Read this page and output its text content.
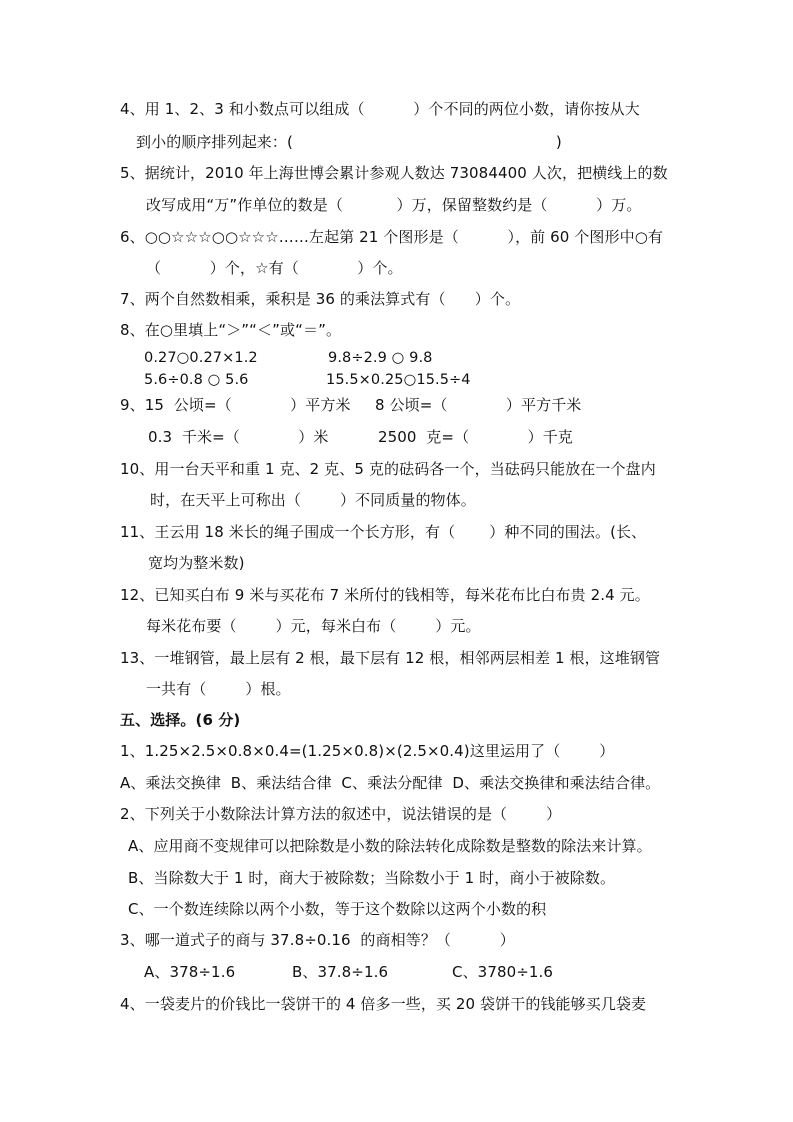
4、用 1、2、3 和小数点可以组成（          ）个不同的两位小数，请你按从大
到小的顺序排列起来：(                                                      )
5、据统计，2010 年上海世博会累计参观人数达 73084400 人次，把横线上的数
改写成用“万”作单位的数是（           ）万，保留整数约是（          ）万。
6、○○☆☆☆○○☆☆☆……左起第 21 个图形是（          ），前 60 个图形中○有
（          ）个，☆有（            ）个。
7、两个自然数相乘，乘积是 36 的乘法算式有（      ）个。
8、在○里填上“＞”“＜”或“＝”。
0.27○0.27×1.2	9.8÷2.9 ○ 9.8
5.6÷0.8 ○ 5.6	15.5×0.25○15.5÷4
9、15  公顷=（            ）平方米 8 公顷=（            ）平方千米
0.3  千米=（            ）米	2500  克=（            ）千克
10、用一台天平和重 1 克、2 克、5 克的砝码各一个，当砝码只能放在一个盘内
时，在天平上可称出（        ）不同质量的物体。
11、王云用 18 米长的绳子围成一个长方形，有（       ）种不同的围法。(长、
宽均为整米数)
12、已知买白布 9 米与买花布 7 米所付的钱相等，每米花布比白布贵 2.4 元。
每米花布要（        ）元，每米白布（        ）元。
13、一堆钢管，最上层有 2 根，最下层有 12 根，相邻两层相差 1 根，这堆钢管
一共有（        ）根。
五、选择。(6 分)
1、1.25×2.5×0.8×0.4=(1.25×0.8)×(2.5×0.4)这里运用了（        ）
A、乘法交换律  B、乘法结合律  C、乘法分配律  D、乘法交换律和乘法结合律。
2、下列关于小数除法计算方法的叙述中，说法错误的是（        ）
A、应用商不变规律可以把除数是小数的除法转化成除数是整数的除法来计算。
B、当除数大于 1 时，商大于被除数；当除数小于 1 时，商小于被除数。
C、一个数连续除以两个小数，等于这个数除以这两个小数的积
3、哪一道式子的商与 37.8÷0.16  的商相等？（          ）
A、378÷1.6	B、37.8÷1.6	C、3780÷1.6
4、一袋麦片的价钱比一袋饼干的 4 倍多一些，买 20 袋饼干的钱能够买几袋麦
